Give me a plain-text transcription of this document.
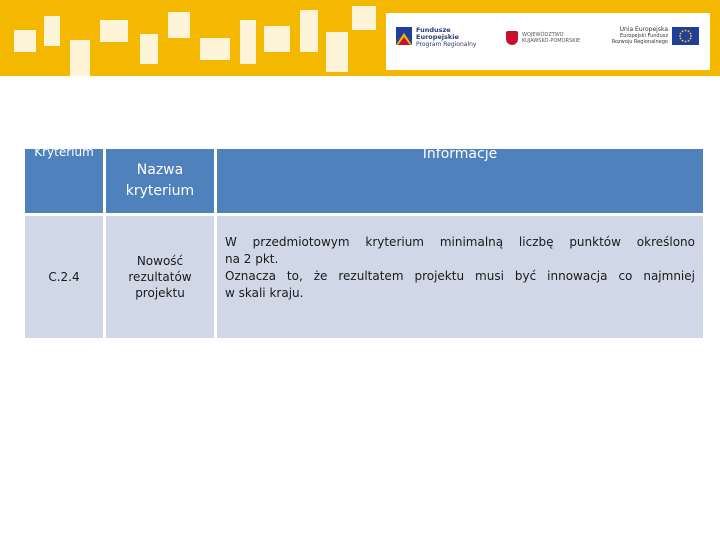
Fundusze
Europejskie
Program Regionalny
WOJEWÓDZTWO
KUJAWSKO-POMORSKIE
Unia Europejska
Europejski Fundusz
Rozwoju Regionalnego
Kryterium	Nazwa kryterium	Informacje

C.2.4	Nowość rezultatów projektu	W przedmiotowym kryterium minimalną liczbę punktów określono
na 2 pkt.
Oznacza to, że rezultatem projektu musi być innowacja co najmniej
w skali kraju.
